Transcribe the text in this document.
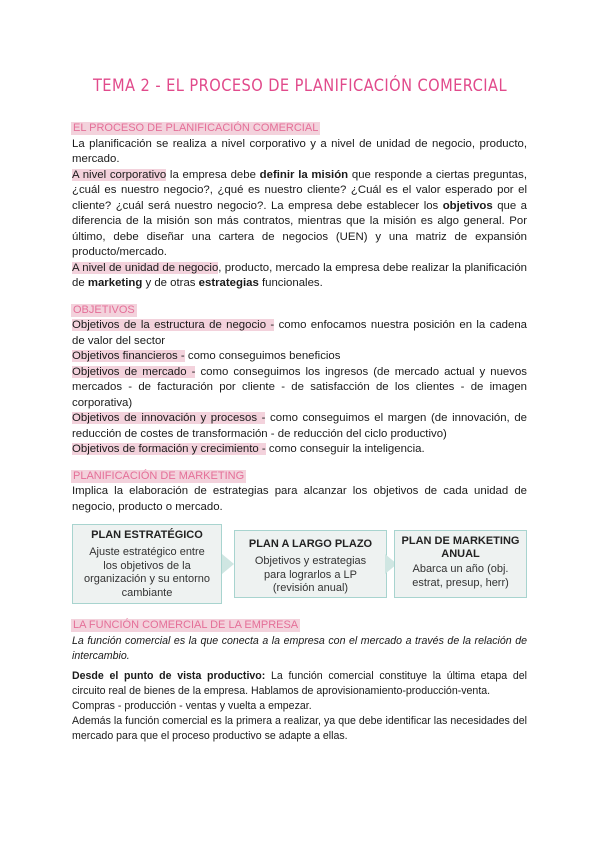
TEMA 2 - EL PROCESO DE PLANIFICACIÓN COMERCIAL
EL PROCESO DE PLANIFICACIÓN COMERCIAL

La planificación se realiza a nivel corporativo y a nivel de unidad de negocio, producto, mercado.

A nivel corporativo la empresa debe definir la misión que responde a ciertas preguntas, ¿cuál es nuestro negocio?, ¿qué es nuestro cliente? ¿Cuál es el valor esperado por el cliente? ¿cuál será nuestro negocio?. La empresa debe establecer los objetivos que a diferencia de la misión son más contratos, mientras que la misión es algo general. Por último, debe diseñar una cartera de negocios (UEN) y una matriz de expansión producto/mercado.

A nivel de unidad de negocio, producto, mercado la empresa debe realizar la planificación de marketing y de otras estrategias funcionales.

OBJETIVOS

Objetivos de la estructura de negocio - como enfocamos nuestra posición en la cadena de valor del sector

Objetivos financieros - como conseguimos beneficios

Objetivos de mercado - como conseguimos los ingresos (de mercado actual y nuevos mercados - de facturación por cliente - de satisfacción de los clientes - de imagen corporativa)

Objetivos de innovación y procesos - como conseguimos el margen (de innovación, de reducción de costes de transformación - de reducción del ciclo productivo)

Objetivos de formación y crecimiento - como conseguir la inteligencia.

PLANIFICACIÓN DE MARKETING

Implica la elaboración de estrategias para alcanzar los objetivos de cada unidad de negocio, producto o mercado.

PLAN ESTRATÉGICO
Ajuste estratégico entre los objetivos de la organización y su entorno cambiante
PLAN A LARGO PLAZO
Objetivos y estrategias para lograrlos a LP (revisión anual)
PLAN DE MARKETING ANUAL
Abarca un año (obj. estrat, presup, herr)
LA FUNCIÓN COMERCIAL DE LA EMPRESA

La función comercial es la que conecta a la empresa con el mercado a través de la relación de intercambio.

Desde el punto de vista productivo: La función comercial constituye la última etapa del circuito real de bienes de la empresa. Hablamos de aprovisionamiento-producción-venta.

Compras - producción - ventas y vuelta a empezar.

Además la función comercial es la primera a realizar, ya que debe identificar las necesidades del mercado para que el proceso productivo se adapte a ellas.
